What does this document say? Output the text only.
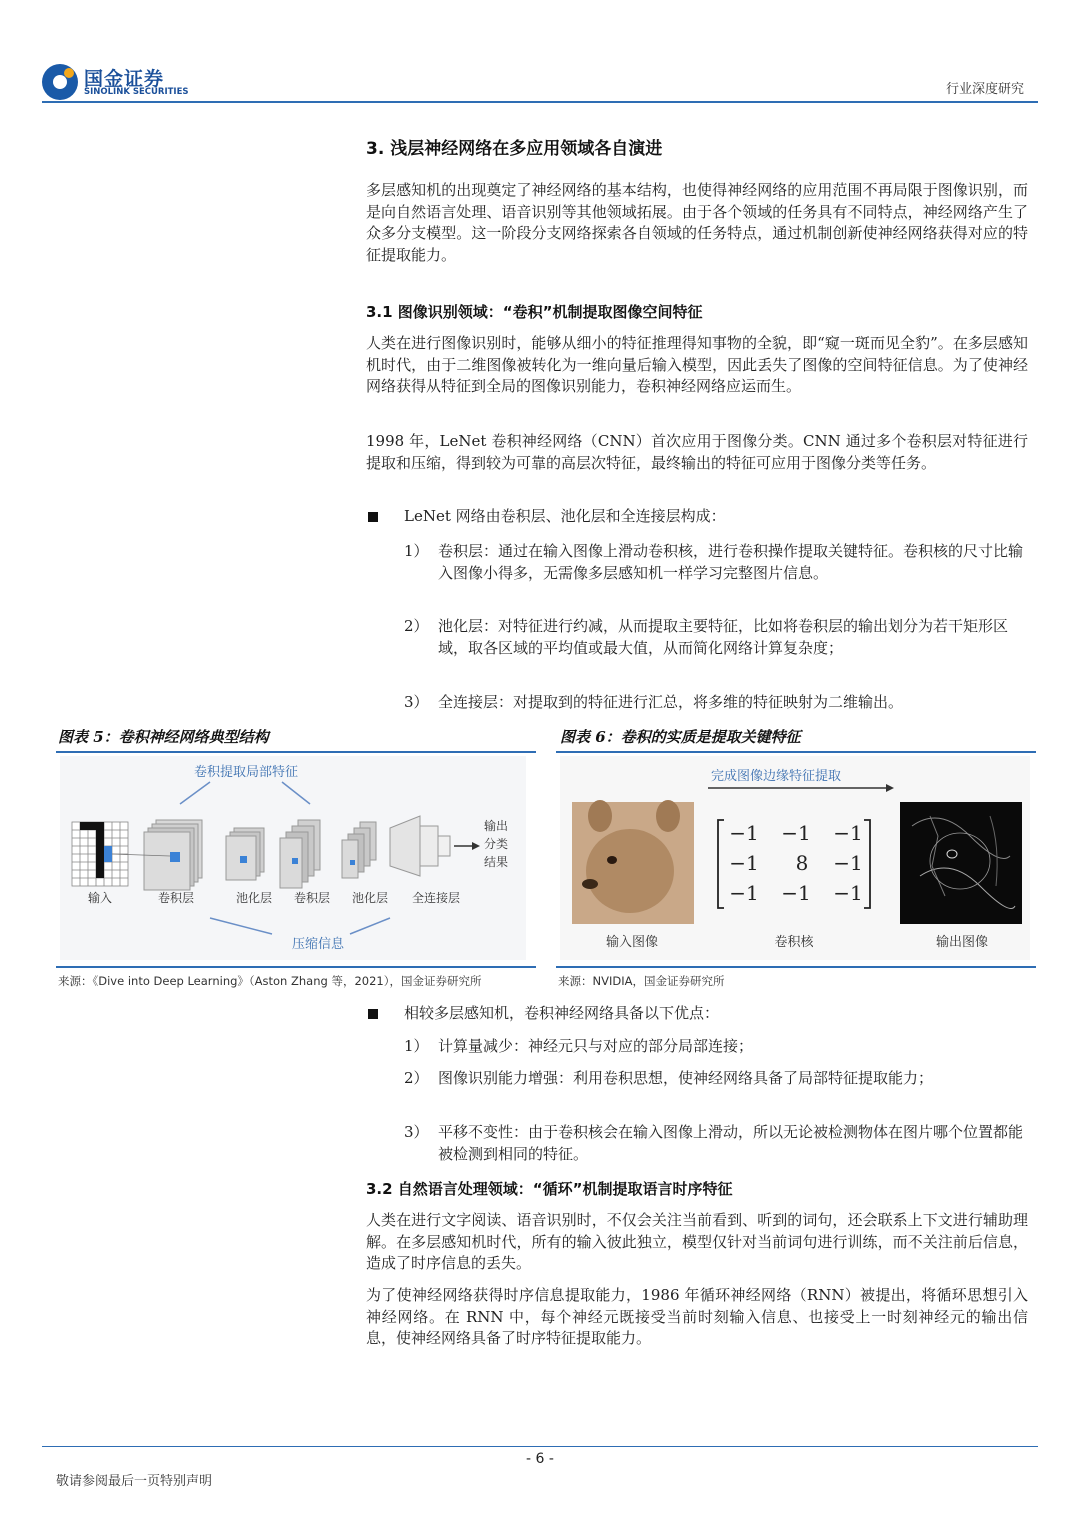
国金证券
SINOLINK SECURITIES	行业深度研究
3. 浅层神经网络在多应用领域各自演进
多层感知机的出现奠定了神经网络的基本结构，也使得神经网络的应用范围不再局限于图像识别，而是向自然语言处理、语音识别等其他领域拓展。由于各个领域的任务具有不同特点，神经网络产生了众多分支模型。这一阶段分支网络探索各自领域的任务特点，通过机制创新使神经网络获得对应的特征提取能力。
3.1 图像识别领域：“卷积”机制提取图像空间特征
人类在进行图像识别时，能够从细小的特征推理得知事物的全貌，即“窥一斑而见全豹”。在多层感知机时代，由于二维图像被转化为一维向量后输入模型，因此丢失了图像的空间特征信息。为了使神经网络获得从特征到全局的图像识别能力，卷积神经网络应运而生。
1998 年，LeNet 卷积神经网络（CNN）首次应用于图像分类。CNN 通过多个卷积层对特征进行提取和压缩，得到较为可靠的高层次特征，最终输出的特征可应用于图像分类等任务。
LeNet 网络由卷积层、池化层和全连接层构成：
1） 卷积层：通过在输入图像上滑动卷积核，进行卷积操作提取关键特征。卷积核的尺寸比输入图像小得多，无需像多层感知机一样学习完整图片信息。
2） 池化层：对特征进行约减，从而提取主要特征，比如将卷积层的输出划分为若干矩形区域，取各区域的平均值或最大值，从而简化网络计算复杂度；
3） 全连接层：对提取到的特征进行汇总，将多维的特征映射为二维输出。
图表 5：卷积神经网络典型结构
卷积提取局部特征
输出
分类
结果
输入	卷积层	池化层 卷积层 池化层 全连接层
压缩信息
来源：《Dive into Deep Learning》（Aston Zhang 等，2021），国金证券研究所
图表 6：卷积的实质是提取关键特征
完成图像边缘特征提取
−1 −1 −1
−1 8 −1
−1 −1 −1
输入图像	卷积核	输出图像
来源：NVIDIA，国金证券研究所
相较多层感知机，卷积神经网络具备以下优点：
1） 计算量减少：神经元只与对应的部分局部连接；
2） 图像识别能力增强：利用卷积思想，使神经网络具备了局部特征提取能力；
3） 平移不变性：由于卷积核会在输入图像上滑动，所以无论被检测物体在图片哪个位置都能被检测到相同的特征。
3.2 自然语言处理领域：“循环”机制提取语言时序特征
人类在进行文字阅读、语音识别时，不仅会关注当前看到、听到的词句，还会联系上下文进行辅助理解。在多层感知机时代，所有的输入彼此独立，模型仅针对当前词句进行训练，而不关注前后信息，造成了时序信息的丢失。
为了使神经网络获得时序信息提取能力，1986 年循环神经网络（RNN）被提出，将循环思想引入神经网络。在 RNN 中，每个神经元既接受当前时刻输入信息、也接受上一时刻神经元的输出信息，使神经网络具备了时序特征提取能力。
- 6 -
敬请参阅最后一页特别声明
